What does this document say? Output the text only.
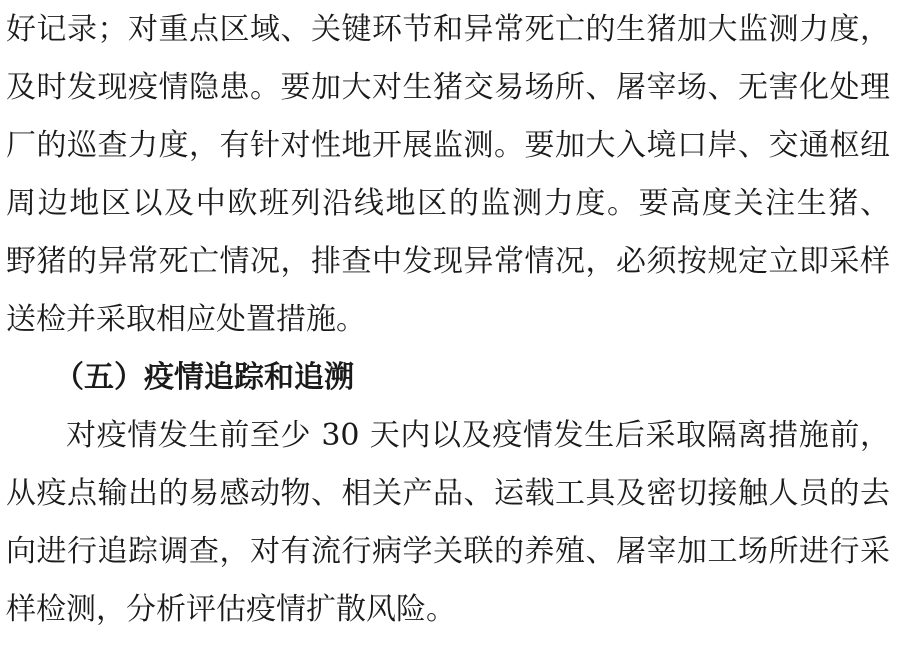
好记录；对重点区域、关键环节和异常死亡的生猪加大监测力度，
及时发现疫情隐患。要加大对生猪交易场所、屠宰场、无害化处理
厂的巡查力度，有针对性地开展监测。要加大入境口岸、交通枢纽
周边地区以及中欧班列沿线地区的监测力度。要高度关注生猪、
野猪的异常死亡情况，排查中发现异常情况，必须按规定立即采样
送检并采取相应处置措施。
（五）疫情追踪和追溯
对疫情发生前至少 30 天内以及疫情发生后采取隔离措施前，
从疫点输出的易感动物、相关产品、运载工具及密切接触人员的去
向进行追踪调查，对有流行病学关联的养殖、屠宰加工场所进行采
样检测，分析评估疫情扩散风险。
